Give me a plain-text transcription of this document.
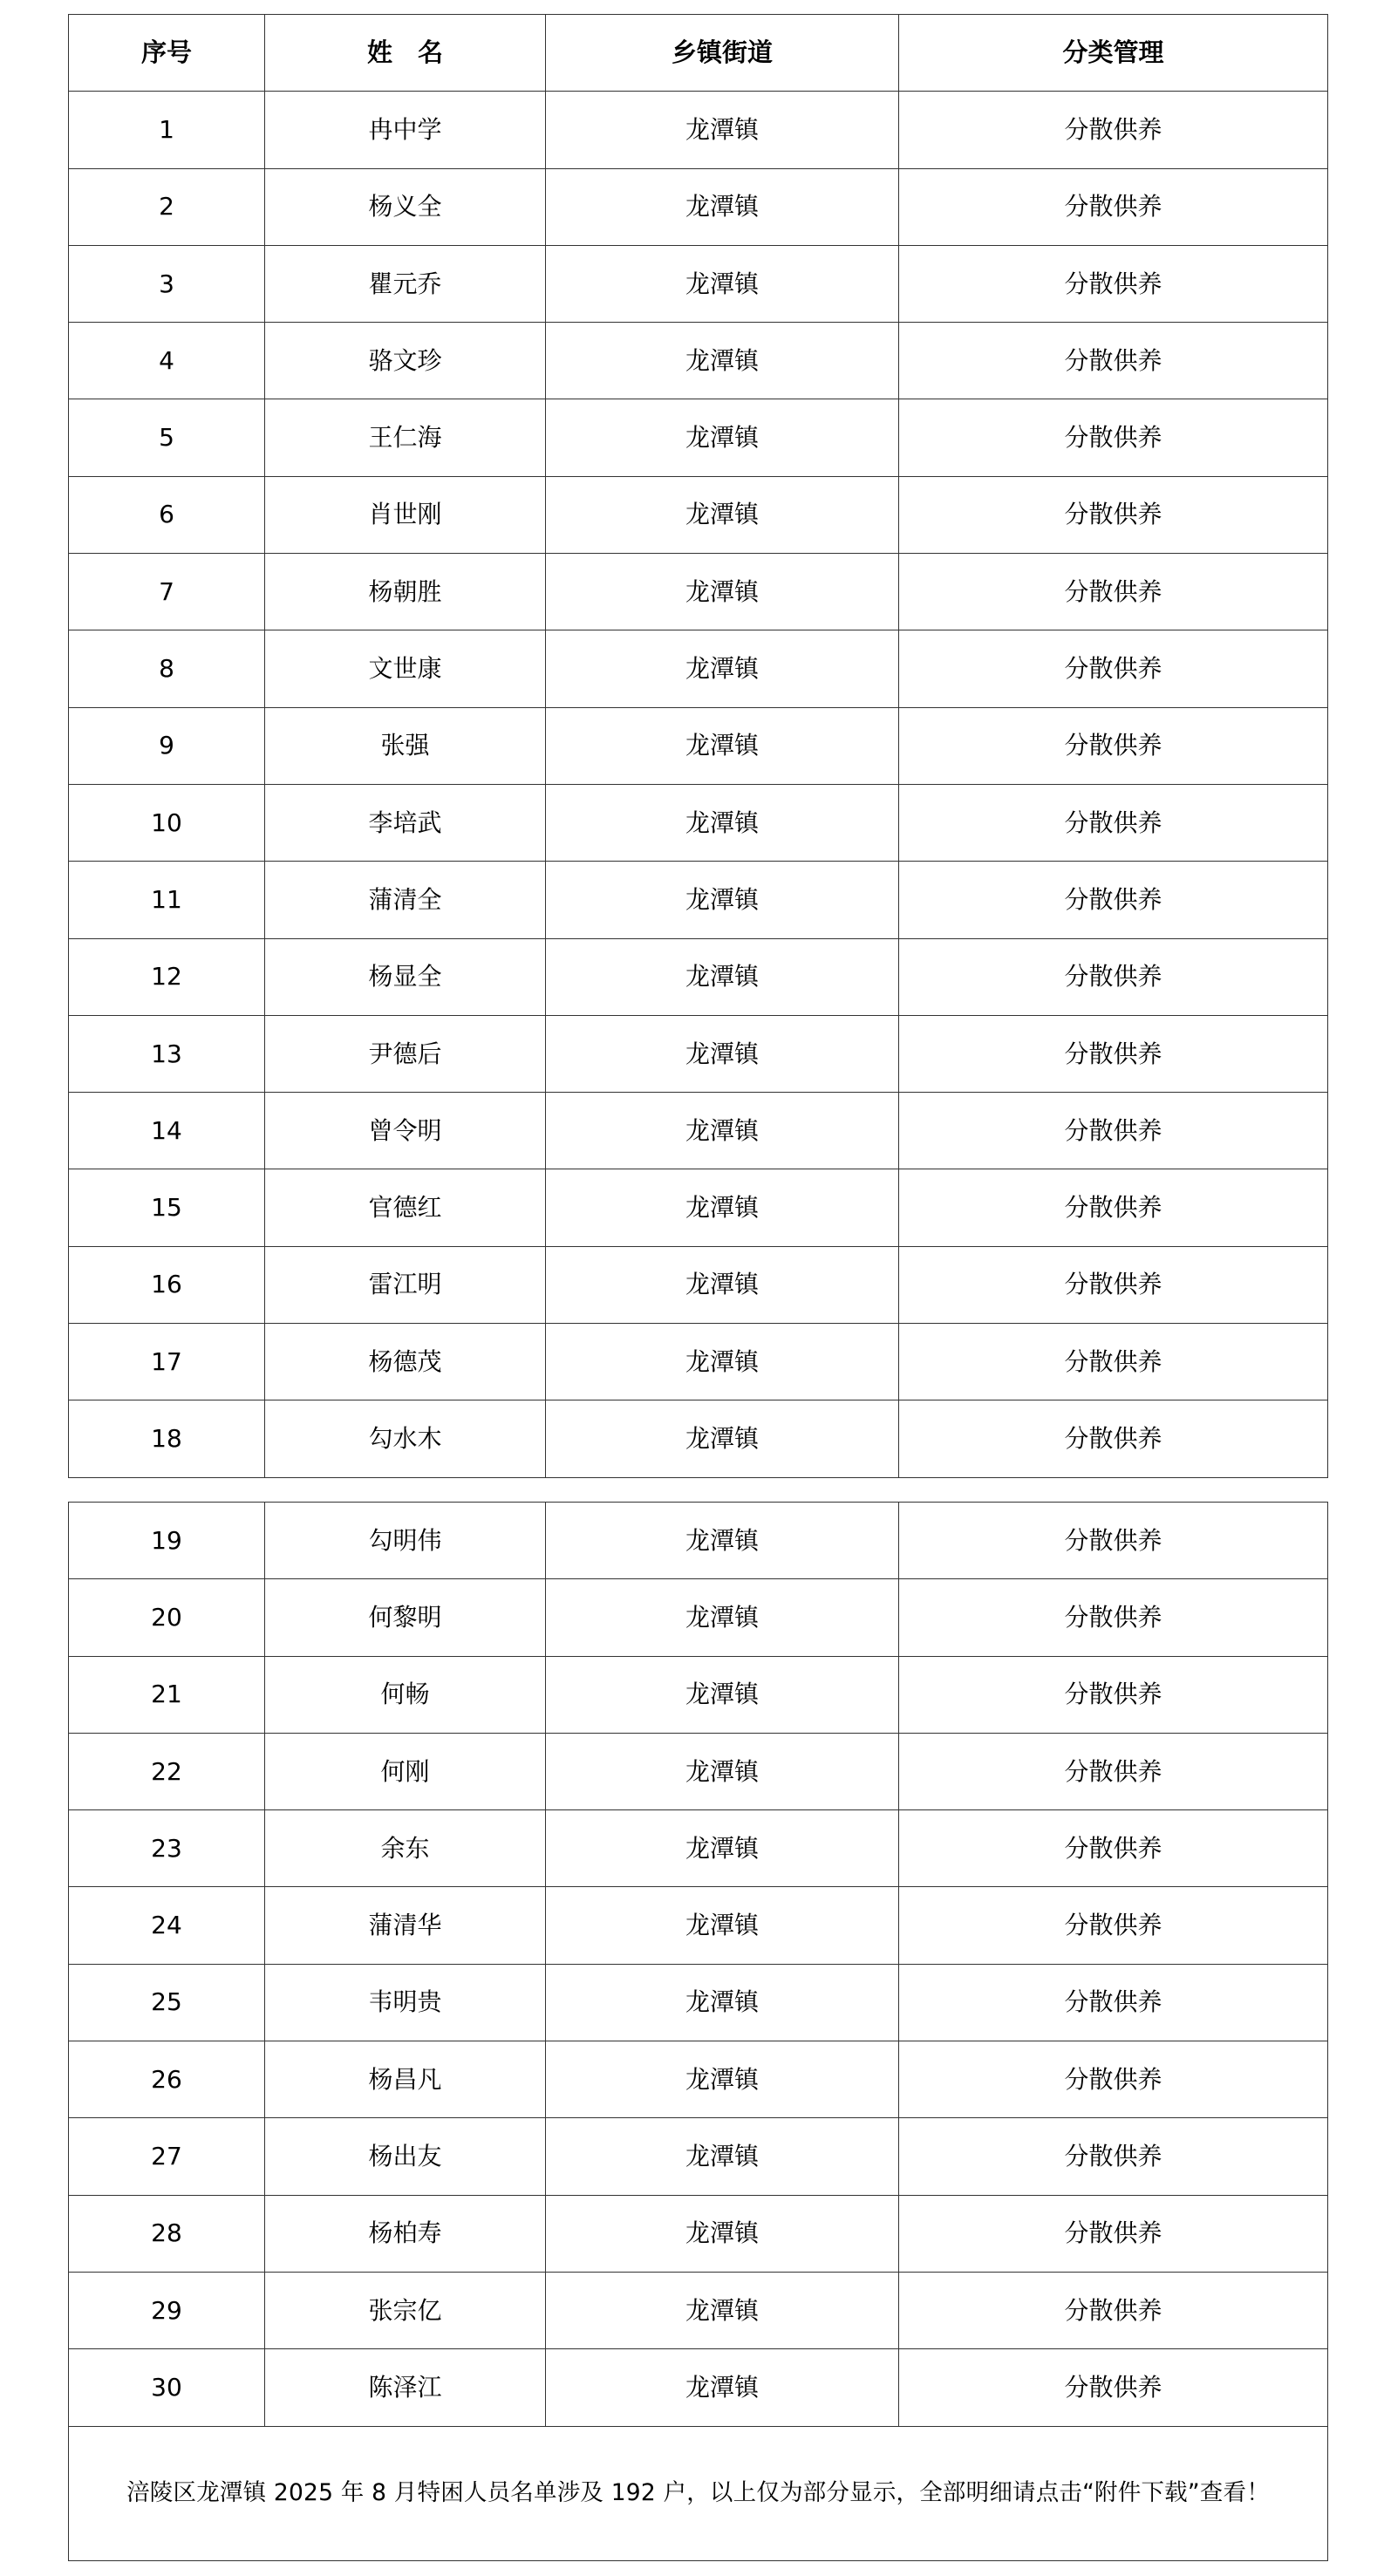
序号	姓　名	乡镇街道	分类管理
1	冉中学	龙潭镇	分散供养
2	杨义全	龙潭镇	分散供养
3	瞿元乔	龙潭镇	分散供养
4	骆文珍	龙潭镇	分散供养
5	王仁海	龙潭镇	分散供养
6	肖世刚	龙潭镇	分散供养
7	杨朝胜	龙潭镇	分散供养
8	文世康	龙潭镇	分散供养
9	张强	龙潭镇	分散供养
10	李培武	龙潭镇	分散供养
11	蒲清全	龙潭镇	分散供养
12	杨显全	龙潭镇	分散供养
13	尹德后	龙潭镇	分散供养
14	曾令明	龙潭镇	分散供养
15	官德红	龙潭镇	分散供养
16	雷江明	龙潭镇	分散供养
17	杨德茂	龙潭镇	分散供养
18	勾水木	龙潭镇	分散供养
19	勾明伟	龙潭镇	分散供养
20	何黎明	龙潭镇	分散供养
21	何畅	龙潭镇	分散供养
22	何刚	龙潭镇	分散供养
23	余东	龙潭镇	分散供养
24	蒲清华	龙潭镇	分散供养
25	韦明贵	龙潭镇	分散供养
26	杨昌凡	龙潭镇	分散供养
27	杨出友	龙潭镇	分散供养
28	杨柏寿	龙潭镇	分散供养
29	张宗亿	龙潭镇	分散供养
30	陈泽江	龙潭镇	分散供养
涪陵区龙潭镇 2025 年 8 月特困人员名单涉及 192 户，以上仅为部分显示，全部明细请点击“附件下载”查看！			
